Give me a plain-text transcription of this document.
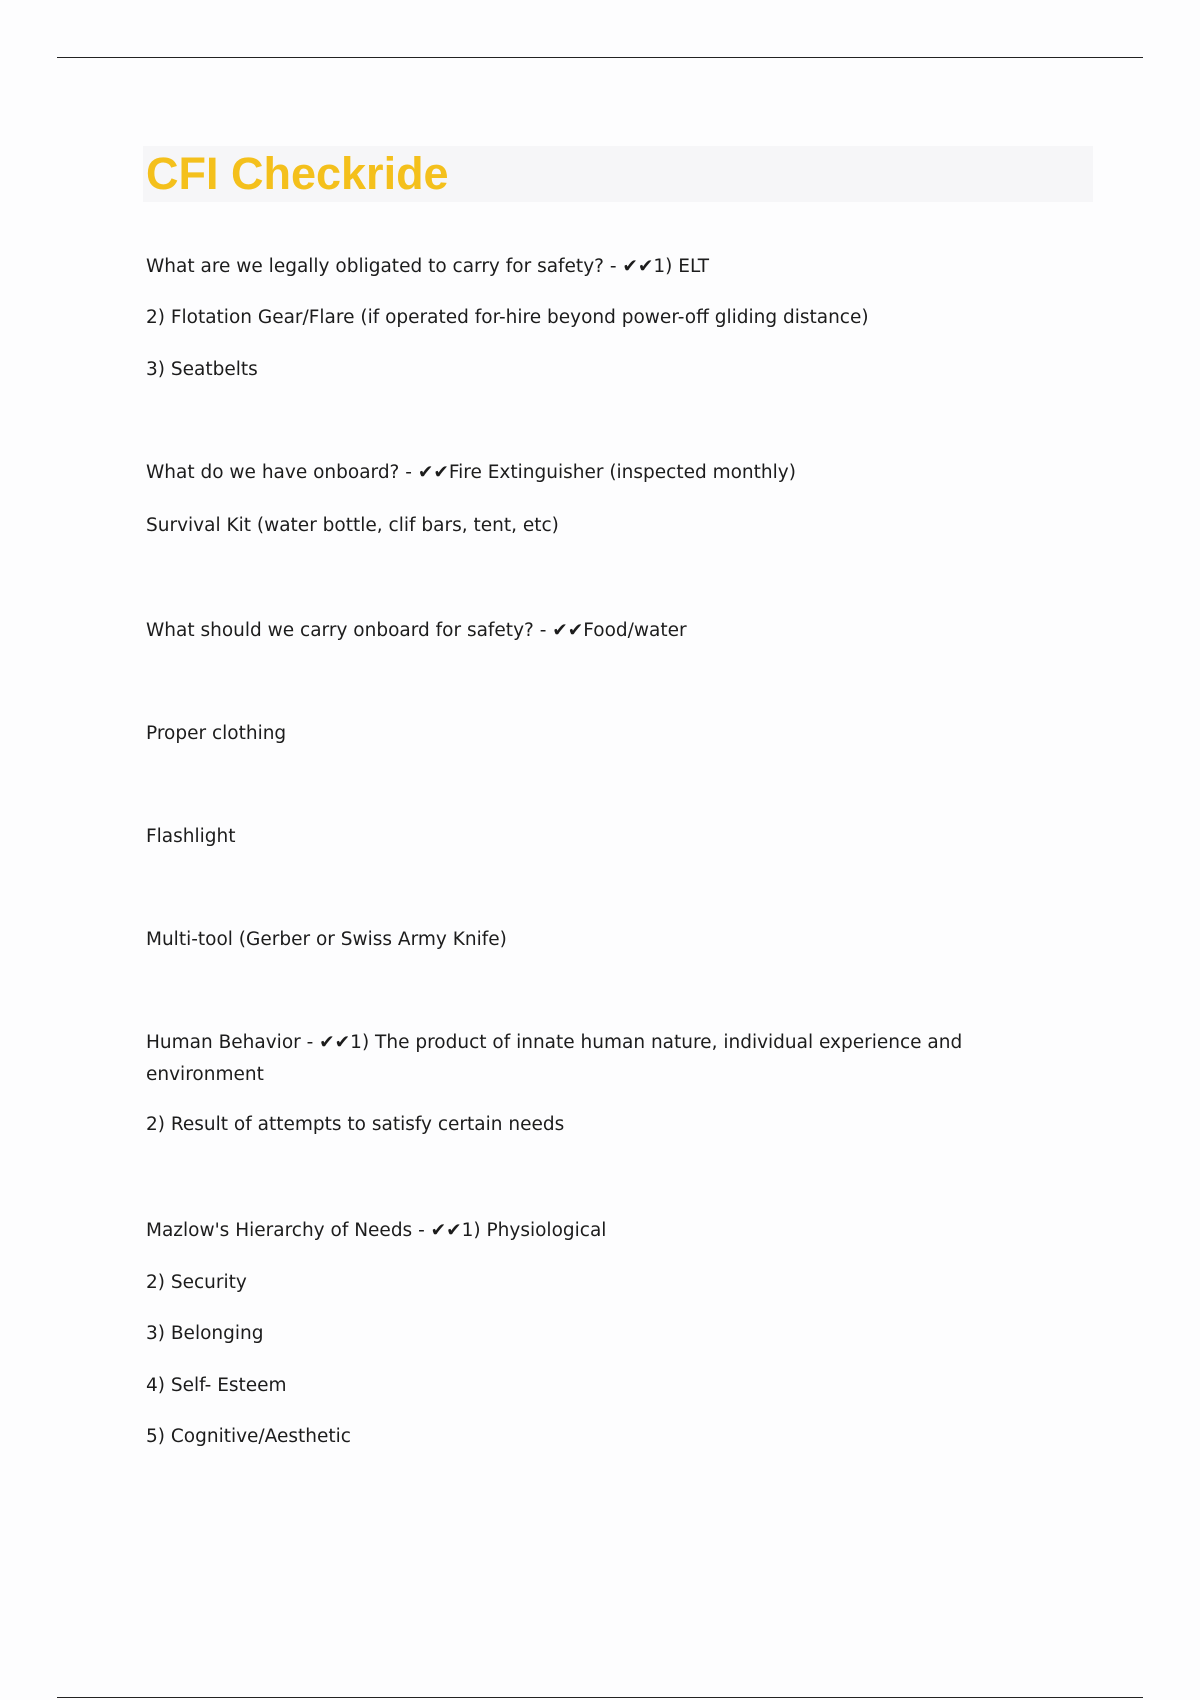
CFI Checkride
What are we legally obligated to carry for safety? - ✔✔1) ELT
2) Flotation Gear/Flare (if operated for-hire beyond power-off gliding distance)
3) Seatbelts
What do we have onboard? - ✔✔Fire Extinguisher (inspected monthly)
Survival Kit (water bottle, clif bars, tent, etc)
What should we carry onboard for safety? - ✔✔Food/water
Proper clothing
Flashlight
Multi-tool (Gerber or Swiss Army Knife)
Human Behavior - ✔✔1) The product of innate human nature, individual experience and environment
2) Result of attempts to satisfy certain needs
Mazlow's Hierarchy of Needs - ✔✔1) Physiological
2) Security
3) Belonging
4) Self- Esteem
5) Cognitive/Aesthetic
